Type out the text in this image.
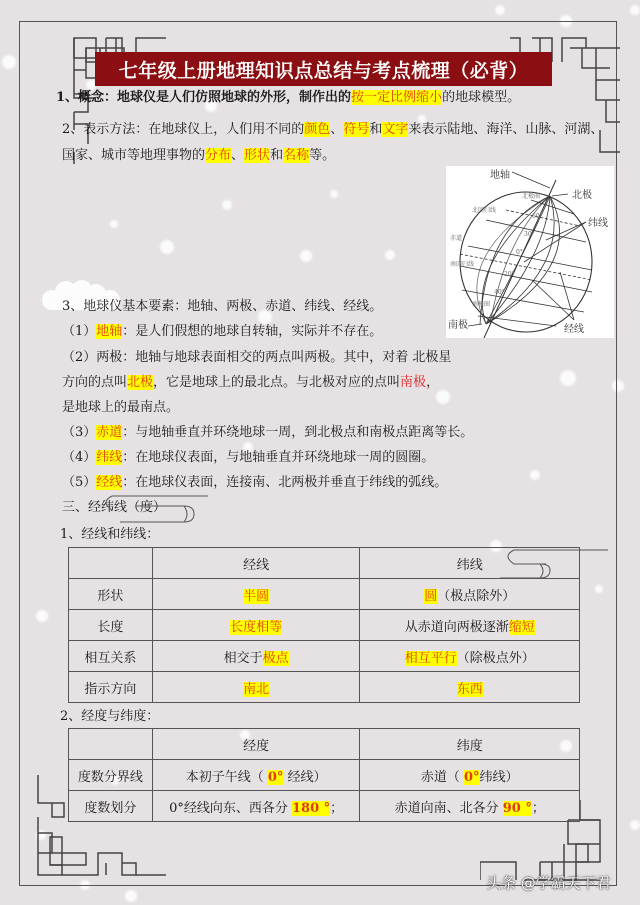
七年级上册地理知识点总结与考点梳理（必背）
1、概念：地球仪是人们仿照地球的外形，制作出的按一定比例缩小的地球模型。
2、表示方法：在地球仪上，人们用不同的颜色、符号和文字来表示陆地、海洋、山脉、河湖、
国家、城市等地理事物的分布、形状和名称等。
地轴
北极
纬线
南极	经线
北极圈
北回归线
赤道
南回归线
南极圈
60°
30°
0°
20°
40°
3、地球仪基本要素：地轴、两极、赤道、纬线、经线。
（1）地轴：是人们假想的地球自转轴，实际并不存在。
（2）两极：地轴与地球表面相交的两点叫两极。其中，对着 北极星
方向的点叫北极，它是地球上的最北点。与北极对应的点叫南极，
是地球上的最南点。
（3）赤道：与地轴垂直并环绕地球一周，到北极点和南极点距离等长。
（4）纬线：在地球仪表面，与地轴垂直并环绕地球一周的圆圈。
（5）经线：在地球仪表面，连接南、北两极并垂直于纬线的弧线。
三、经纬线（度）
1、经线和纬线：
	经线	纬线
形状	半圆	圆（极点除外）
长度	长度相等	从赤道向两极逐渐缩短
相互关系	相交于极点	相互平行（除极点外）
指示方向	南北	东西
2、经度与纬度：
	经度	纬度
度数分界线	本初子午线（ 0° 经线）	赤道（ 0°纬线）
度数划分	0°经线向东、西各分 180 °；	赤道向南、北各分 90 °；
头条 @学霸天下君
